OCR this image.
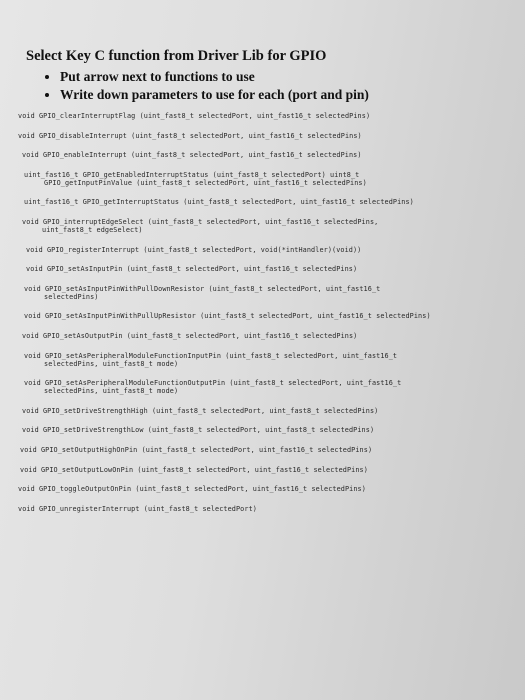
Select Key C function from Driver Lib for GPIO

• Put arrow next to functions to use
• Write down parameters to use for each (port and pin)
void GPIO_clearInterruptFlag (uint_fast8_t selectedPort, uint_fast16_t selectedPins)
void GPIO_disableInterrupt (uint_fast8_t selectedPort, uint_fast16_t selectedPins)
void GPIO_enableInterrupt (uint_fast8_t selectedPort, uint_fast16_t selectedPins)
uint_fast16_t GPIO_getEnabledInterruptStatus (uint_fast8_t selectedPort) uint8_t
GPIO_getInputPinValue (uint_fast8_t selectedPort, uint_fast16_t selectedPins)
uint_fast16_t GPIO_getInterruptStatus (uint_fast8_t selectedPort, uint_fast16_t selectedPins)
void GPIO_interruptEdgeSelect (uint_fast8_t selectedPort, uint_fast16_t selectedPins,
uint_fast8_t edgeSelect)
void GPIO_registerInterrupt (uint_fast8_t selectedPort, void(*intHandler)(void))
void GPIO_setAsInputPin (uint_fast8_t selectedPort, uint_fast16_t selectedPins)
void GPIO_setAsInputPinWithPullDownResistor (uint_fast8_t selectedPort, uint_fast16_t
selectedPins)
void GPIO_setAsInputPinWithPullUpResistor (uint_fast8_t selectedPort, uint_fast16_t selectedPins)
void GPIO_setAsOutputPin (uint_fast8_t selectedPort, uint_fast16_t selectedPins)
void GPIO_setAsPeripheralModuleFunctionInputPin (uint_fast8_t selectedPort, uint_fast16_t
selectedPins, uint_fast8_t mode)
void GPIO_setAsPeripheralModuleFunctionOutputPin (uint_fast8_t selectedPort, uint_fast16_t
selectedPins, uint_fast8_t mode)
void GPIO_setDriveStrengthHigh (uint_fast8_t selectedPort, uint_fast8_t selectedPins)
void GPIO_setDriveStrengthLow (uint_fast8_t selectedPort, uint_fast8_t selectedPins)
void GPIO_setOutputHighOnPin (uint_fast8_t selectedPort, uint_fast16_t selectedPins)
void GPIO_setOutputLowOnPin (uint_fast8_t selectedPort, uint_fast16_t selectedPins)
void GPIO_toggleOutputOnPin (uint_fast8_t selectedPort, uint_fast16_t selectedPins)
void GPIO_unregisterInterrupt (uint_fast8_t selectedPort)
